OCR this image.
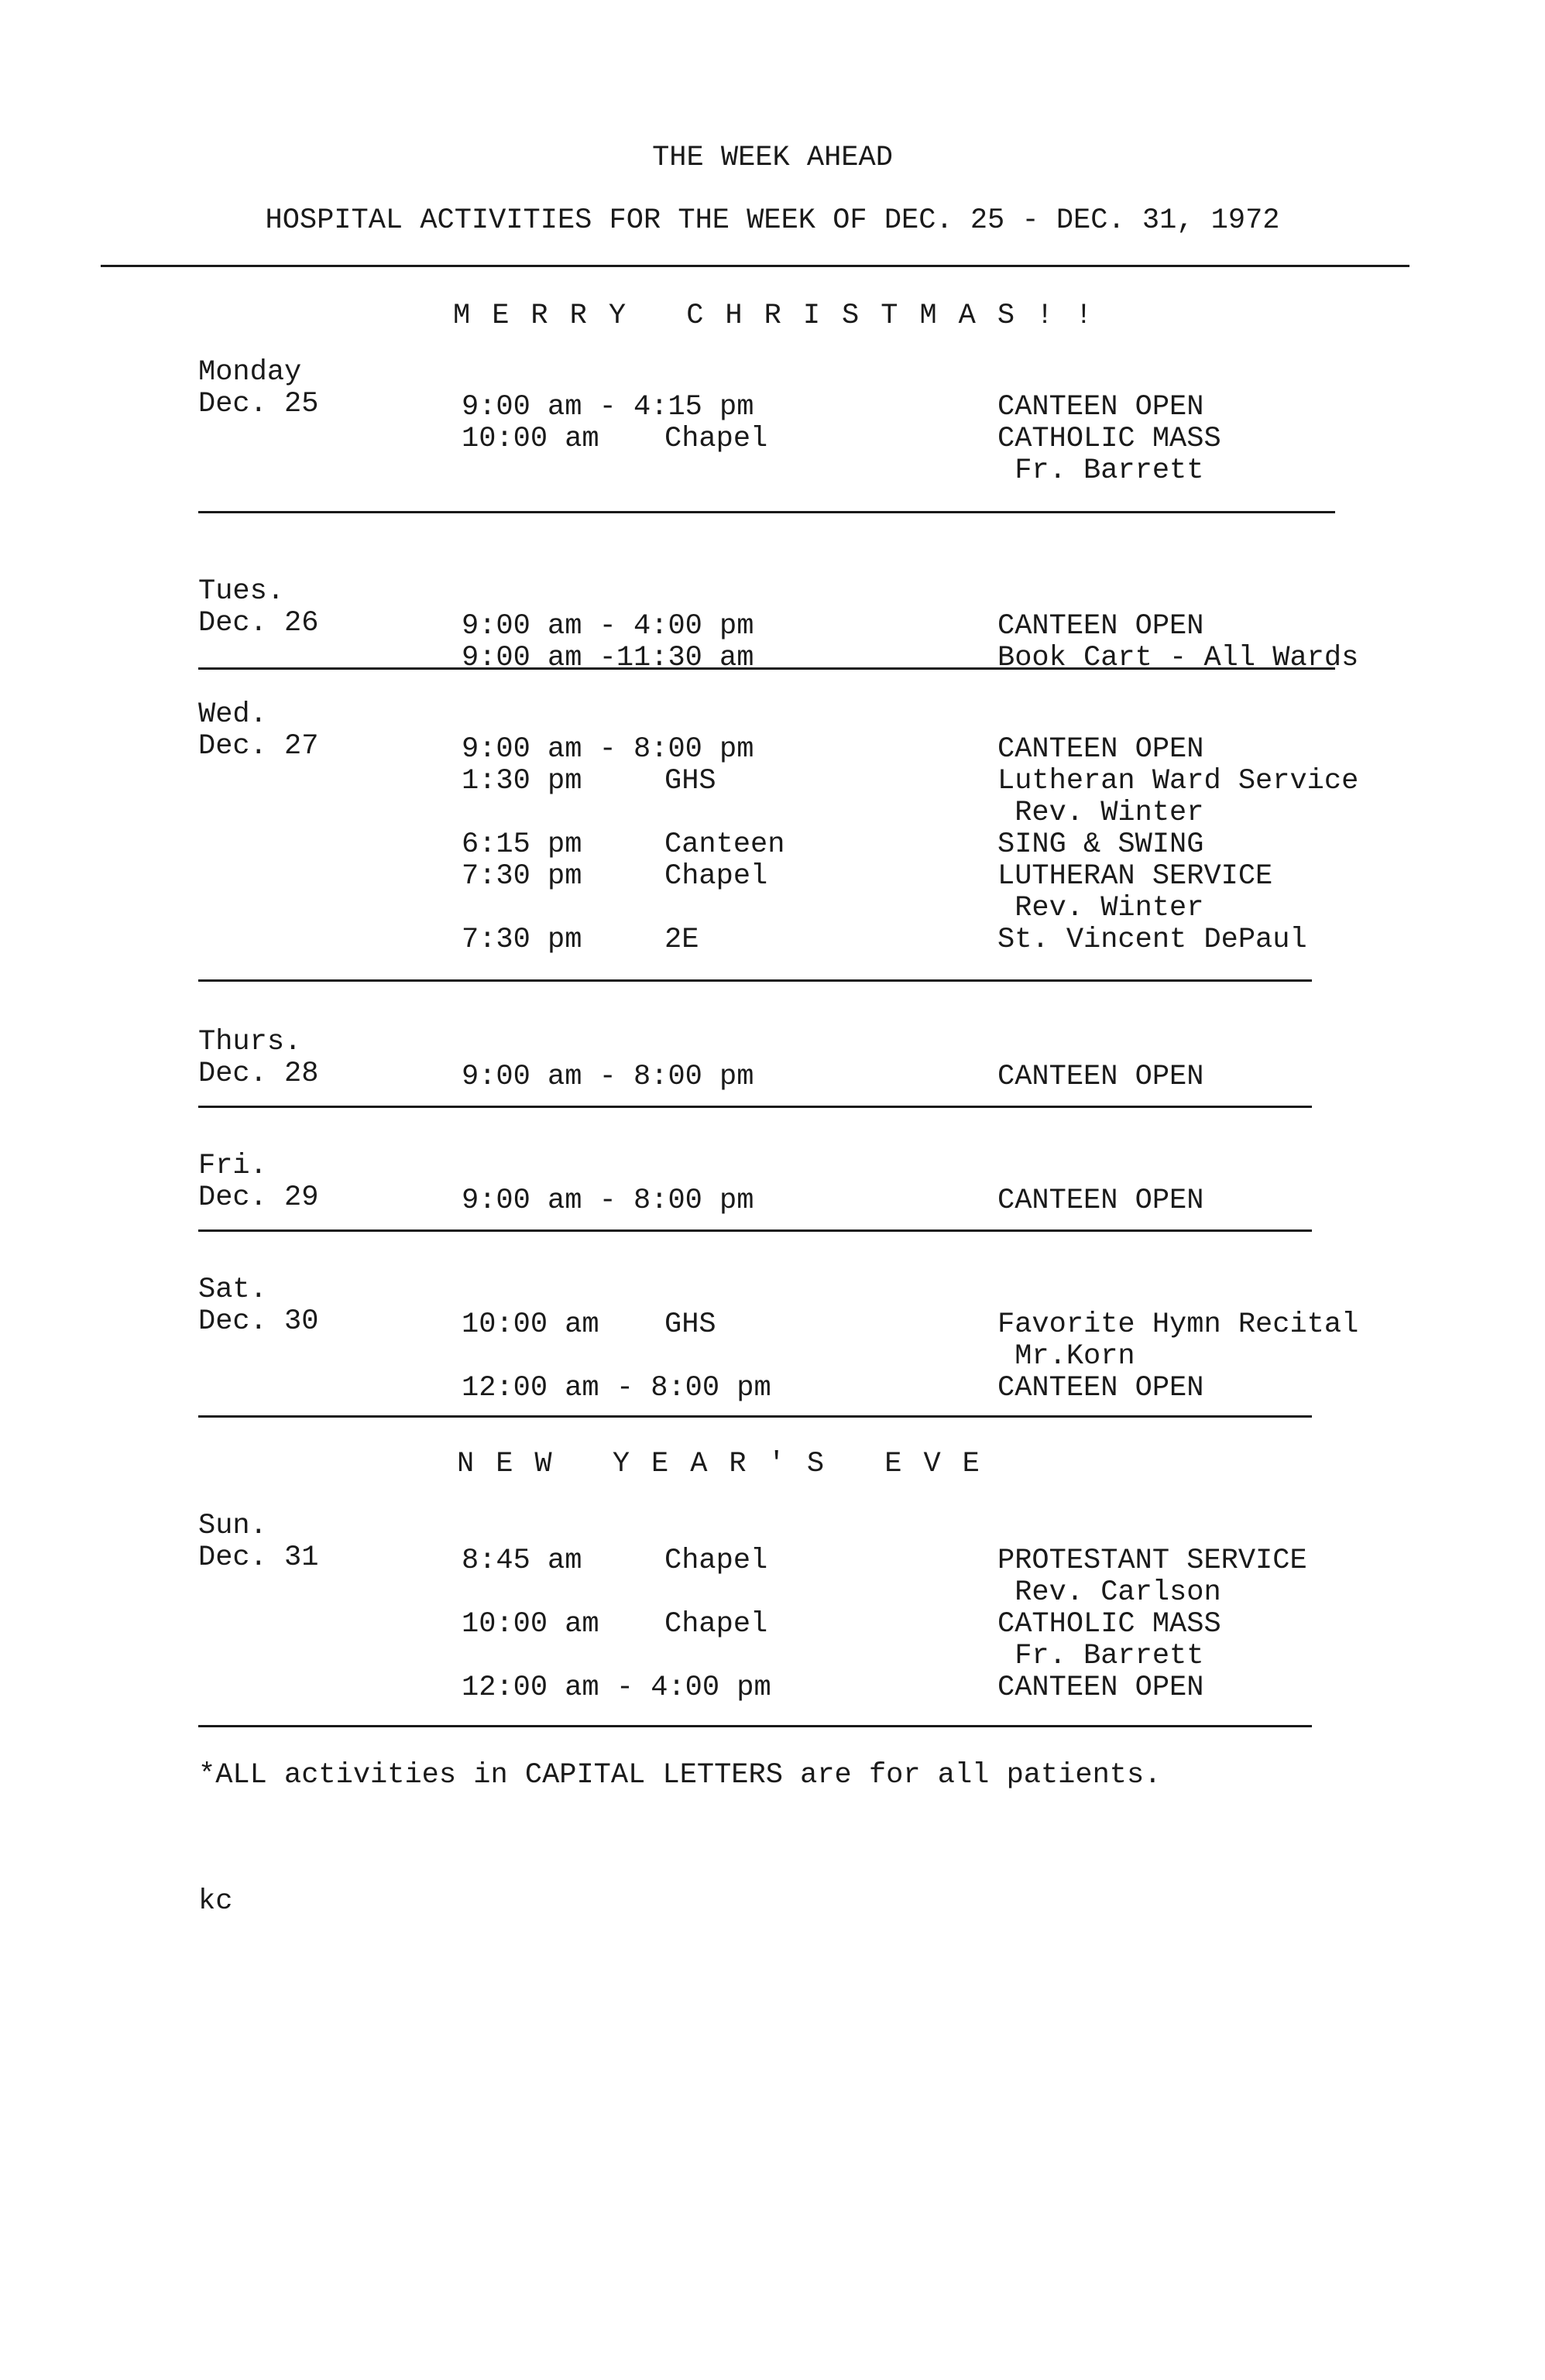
THE WEEK AHEAD
HOSPITAL ACTIVITIES FOR THE WEEK OF DEC. 25 - DEC. 31, 1972
MERRY CHRISTMAS!!
Monday
Dec. 25	9:00 am - 4:15 pm	CANTEEN OPEN
10:00 am Chapel	CATHOLIC MASS
Fr. Barrett
Tues.
Dec. 26	9:00 am - 4:00 pm	CANTEEN OPEN
9:00 am -11:30 am	Book Cart - All Wards
Wed.
Dec. 27	9:00 am - 8:00 pm	CANTEEN OPEN
1:30 pm	GHS	Lutheran Ward Service
Rev. Winter
6:15 pm	Canteen	SING & SWING
7:30 pm	Chapel	LUTHERAN SERVICE
Rev. Winter
7:30 pm	2E	St. Vincent DePaul
Thurs.
Dec. 28	9:00 am - 8:00 pm	CANTEEN OPEN
Fri.
Dec. 29	9:00 am - 8:00 pm	CANTEEN OPEN
Sat.
Dec. 30	10:00 am GHS	Favorite Hymn Recital
Mr.Korn
12:00 am - 8:00 pm	CANTEEN OPEN
Sun.
Dec. 31	8:45 am	Chapel	PROTESTANT SERVICE
Rev. Carlson
10:00 am Chapel	CATHOLIC MASS
Fr. Barrett
12:00 am - 4:00 pm	CANTEEN OPEN
NEW YEAR'S EVE
*ALL activities in CAPITAL LETTERS are for all patients.
kc
